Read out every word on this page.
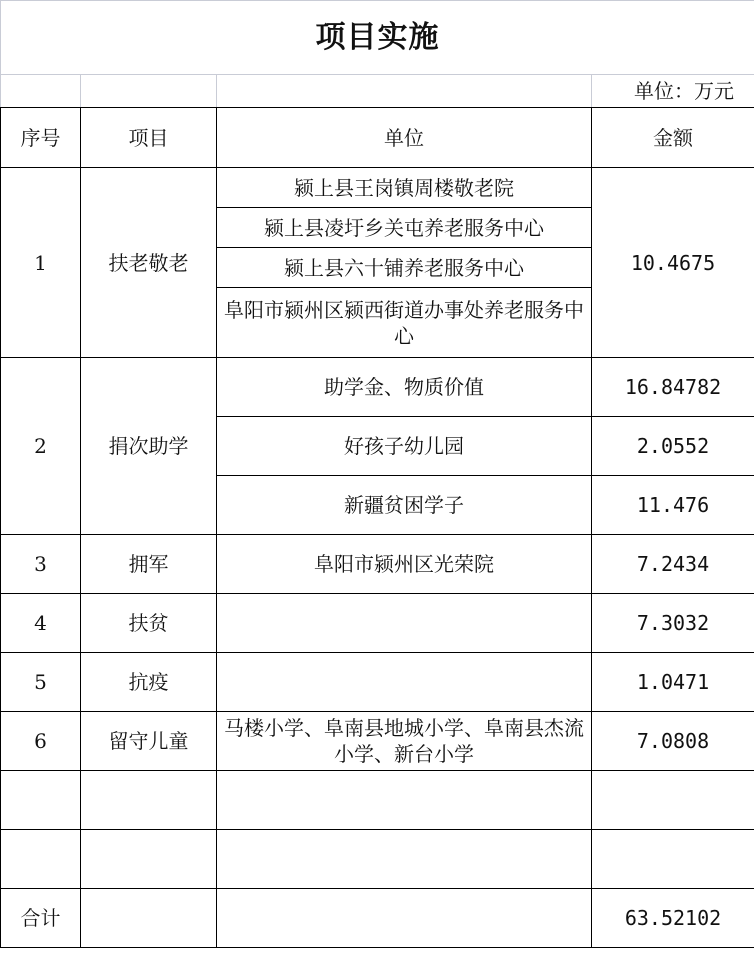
项目实施			
			单位：万元
序号	项目	单位	金额
1	扶老敬老	颍上县王岗镇周楼敬老院	10.4675
		颍上县凌圩乡关屯养老服务中心	
		颍上县六十铺养老服务中心	
		阜阳市颍州区颍西街道办事处养老服务中心	
2	捐次助学	助学金、物质价值	16.84782
		好孩子幼儿园	2.0552
		新疆贫困学子	11.476
3	拥军	阜阳市颍州区光荣院	7.2434
4	扶贫		7.3032
5	抗疫		1.0471
6	留守儿童	马楼小学、阜南县地城小学、阜南县杰流小学、新台小学	7.0808

合计			63.52102
